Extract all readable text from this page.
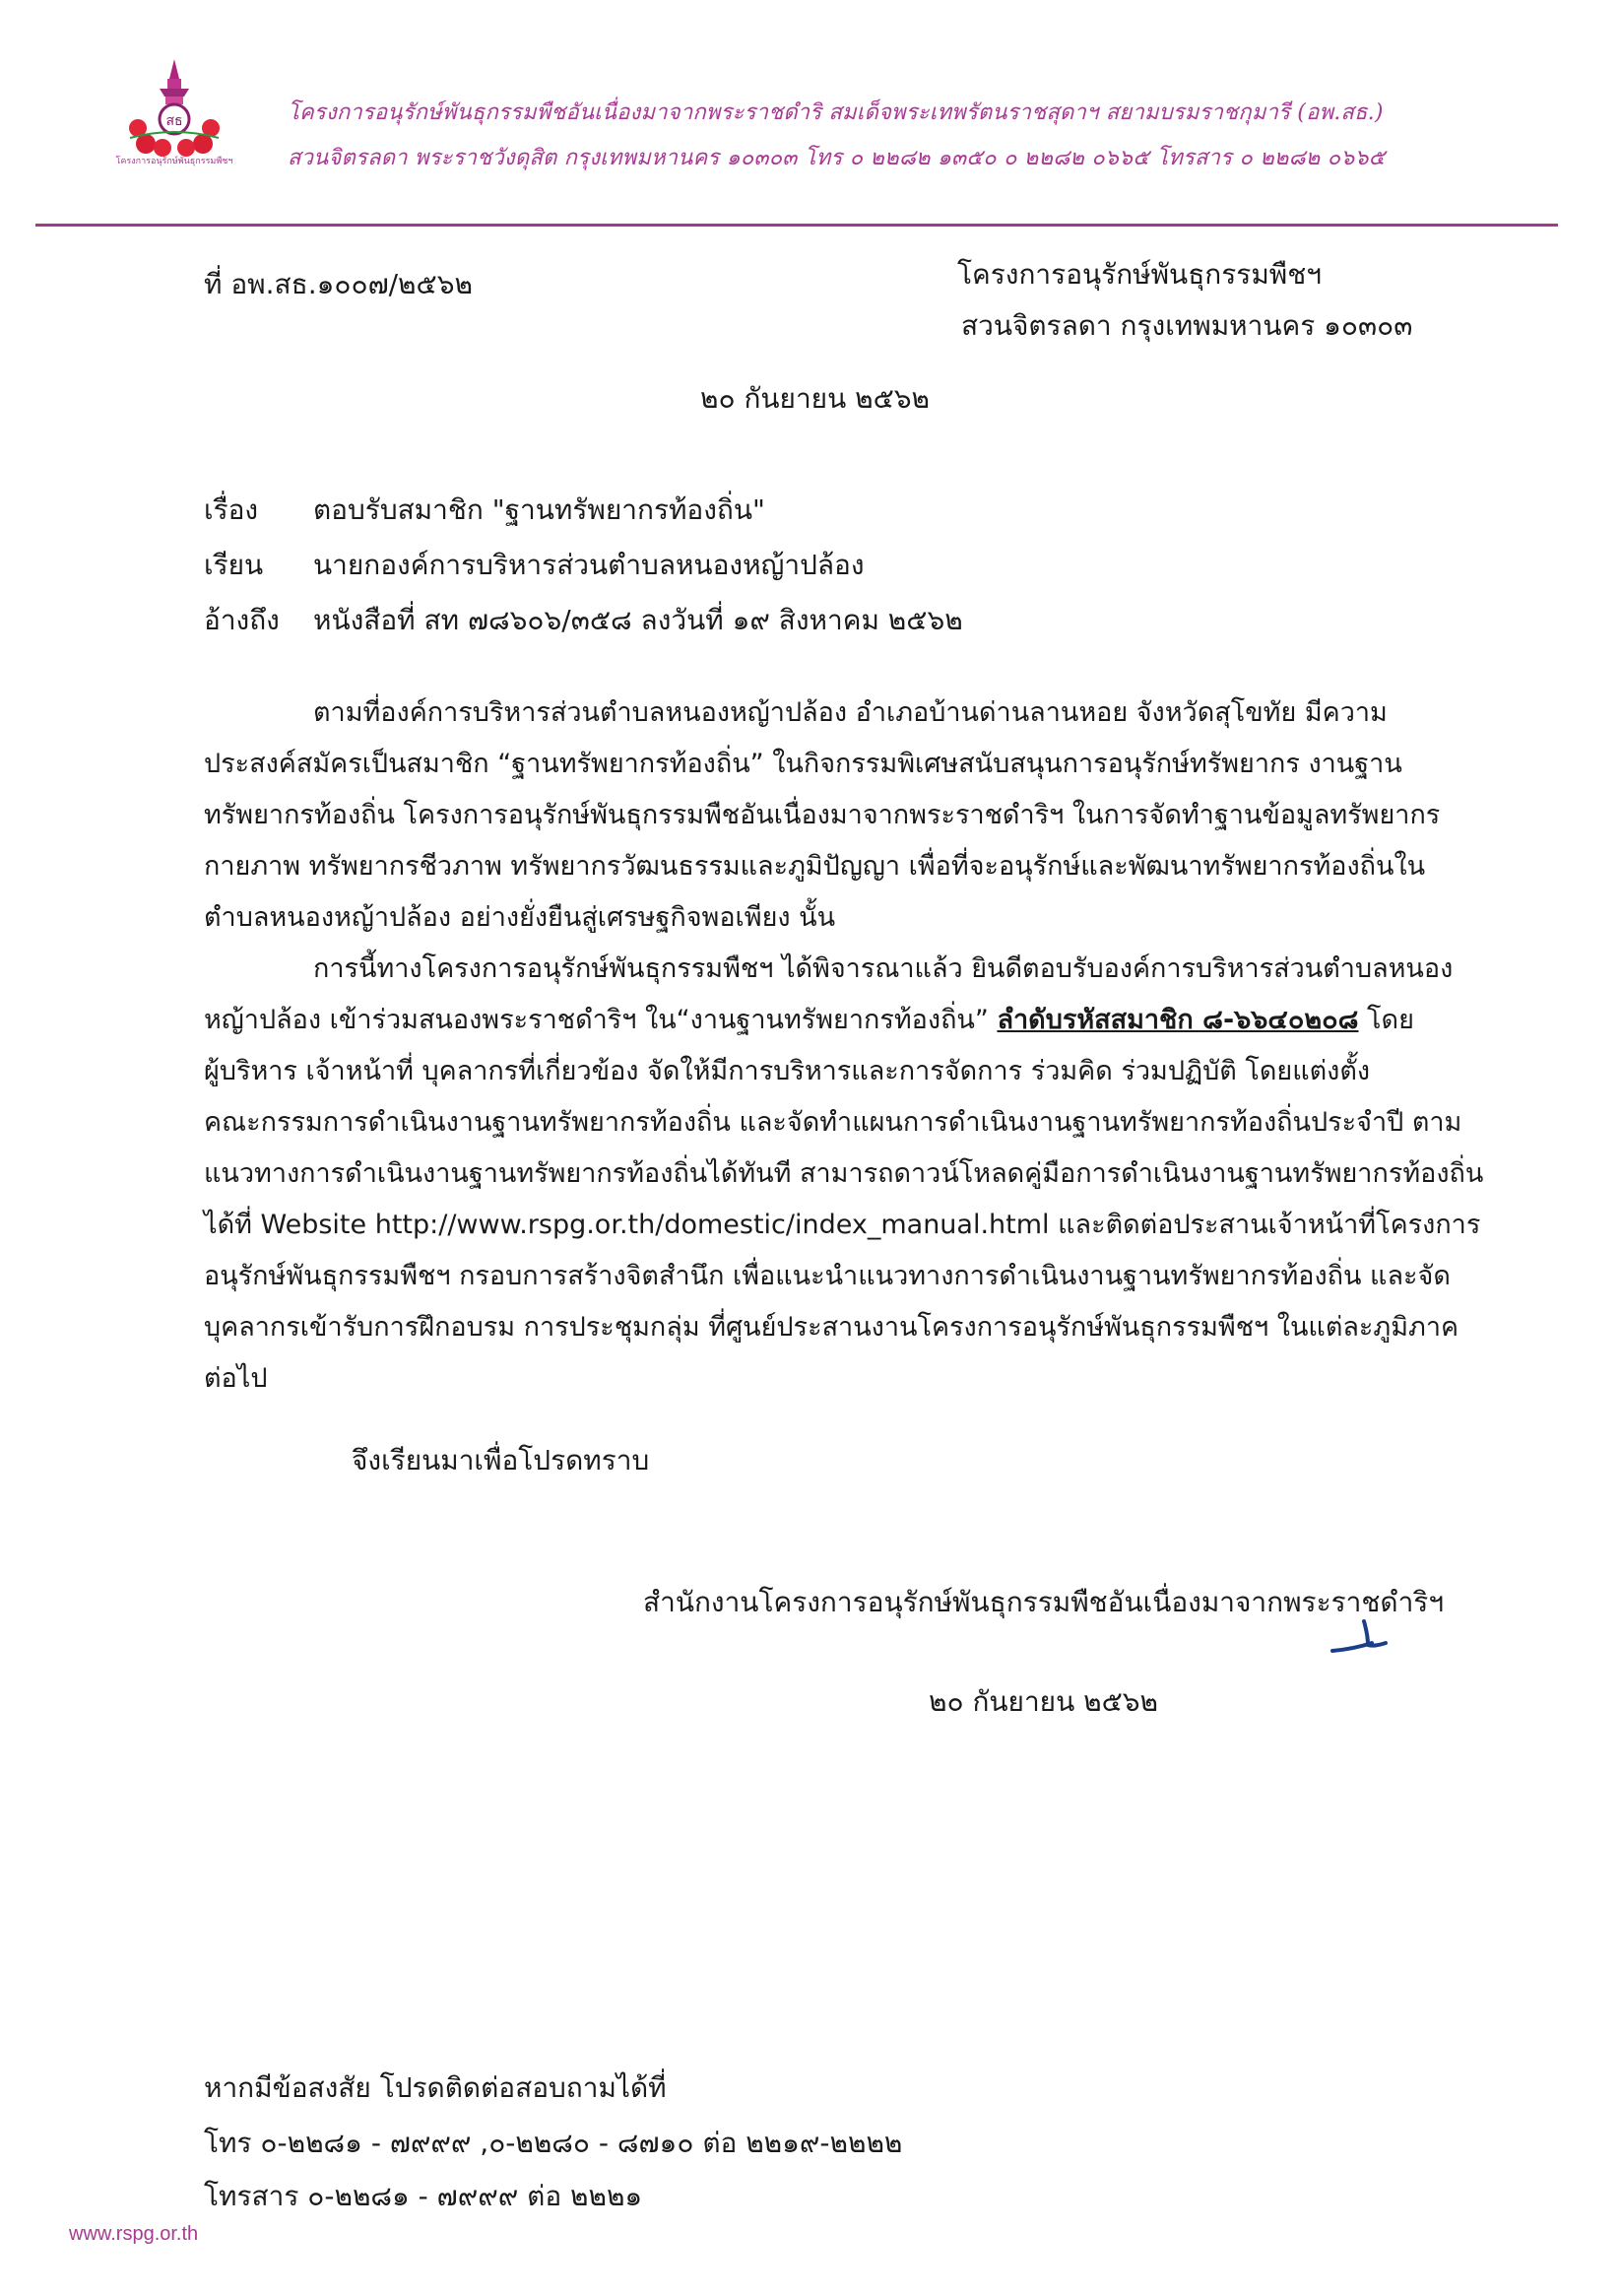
สธ
โครงการอนุรักษ์พันธุกรรมพืชฯ
โครงการอนุรักษ์พันธุกรรมพืชอันเนื่องมาจากพระราชดำริ สมเด็จพระเทพรัตนราชสุดาฯ สยามบรมราชกุมารี (อพ.สธ.)
สวนจิตรลดา พระราชวังดุสิต กรุงเทพมหานคร ๑๐๓๐๓ โทร ๐ ๒๒๘๒ ๑๓๕๐ ๐ ๒๒๘๒ ๐๖๖๕ โทรสาร ๐ ๒๒๘๒ ๐๖๖๕
ที่ อพ.สธ.๑๐๐๗/๒๕๖๒	โครงการอนุรักษ์พันธุกรรมพืชฯ
สวนจิตรลดา กรุงเทพมหานคร ๑๐๓๐๓
๒๐ กันยายน ๒๕๖๒
เรื่อง ตอบรับสมาชิก "ฐานทรัพยากรท้องถิ่น"
เรียน นายกองค์การบริหารส่วนตำบลหนองหญ้าปล้อง
อ้างถึง หนังสือที่ สท ๗๘๖๐๖/๓๕๘ ลงวันที่ ๑๙ สิงหาคม ๒๕๖๒
ตามที่องค์การบริหารส่วนตำบลหนองหญ้าปล้อง อำเภอบ้านด่านลานหอย จังหวัดสุโขทัย มีความ
ประสงค์สมัครเป็นสมาชิก “ฐานทรัพยากรท้องถิ่น” ในกิจกรรมพิเศษสนับสนุนการอนุรักษ์ทรัพยากร งานฐาน
ทรัพยากรท้องถิ่น โครงการอนุรักษ์พันธุกรรมพืชอันเนื่องมาจากพระราชดำริฯ ในการจัดทำฐานข้อมูลทรัพยากร
กายภาพ ทรัพยากรชีวภาพ ทรัพยากรวัฒนธรรมและภูมิปัญญา เพื่อที่จะอนุรักษ์และพัฒนาทรัพยากรท้องถิ่นใน
ตำบลหนองหญ้าปล้อง อย่างยั่งยืนสู่เศรษฐกิจพอเพียง นั้น
การนี้ทางโครงการอนุรักษ์พันธุกรรมพืชฯ ได้พิจารณาแล้ว ยินดีตอบรับองค์การบริหารส่วนตำบลหนอง
หญ้าปล้อง เข้าร่วมสนองพระราชดำริฯ ใน“งานฐานทรัพยากรท้องถิ่น” ลำดับรหัสสมาชิก ๘-๖๖๔๐๒๐๘ โดย
ผู้บริหาร เจ้าหน้าที่ บุคลากรที่เกี่ยวข้อง จัดให้มีการบริหารและการจัดการ ร่วมคิด ร่วมปฏิบัติ โดยแต่งตั้ง
คณะกรรมการดำเนินงานฐานทรัพยากรท้องถิ่น และจัดทำแผนการดำเนินงานฐานทรัพยากรท้องถิ่นประจำปี ตาม
แนวทางการดำเนินงานฐานทรัพยากรท้องถิ่นได้ทันที สามารถดาวน์โหลดคู่มือการดำเนินงานฐานทรัพยากรท้องถิ่น
ได้ที่ Website http://www.rspg.or.th/domestic/index_manual.html และติดต่อประสานเจ้าหน้าที่โครงการ
อนุรักษ์พันธุกรรมพืชฯ กรอบการสร้างจิตสำนึก เพื่อแนะนำแนวทางการดำเนินงานฐานทรัพยากรท้องถิ่น และจัด
บุคลากรเข้ารับการฝึกอบรม การประชุมกลุ่ม ที่ศูนย์ประสานงานโครงการอนุรักษ์พันธุกรรมพืชฯ ในแต่ละภูมิภาค
ต่อไป
จึงเรียนมาเพื่อโปรดทราบ
สำนักงานโครงการอนุรักษ์พันธุกรรมพืชอันเนื่องมาจากพระราชดำริฯ
๒๐ กันยายน ๒๕๖๒
หากมีข้อสงสัย โปรดติดต่อสอบถามได้ที่
โทร ๐-๒๒๘๑ - ๗๙๙๙ ,๐-๒๒๘๐ - ๘๗๑๐ ต่อ ๒๒๑๙-๒๒๒๒
โทรสาร ๐-๒๒๘๑ - ๗๙๙๙ ต่อ ๒๒๒๑
www.rspg.or.th
